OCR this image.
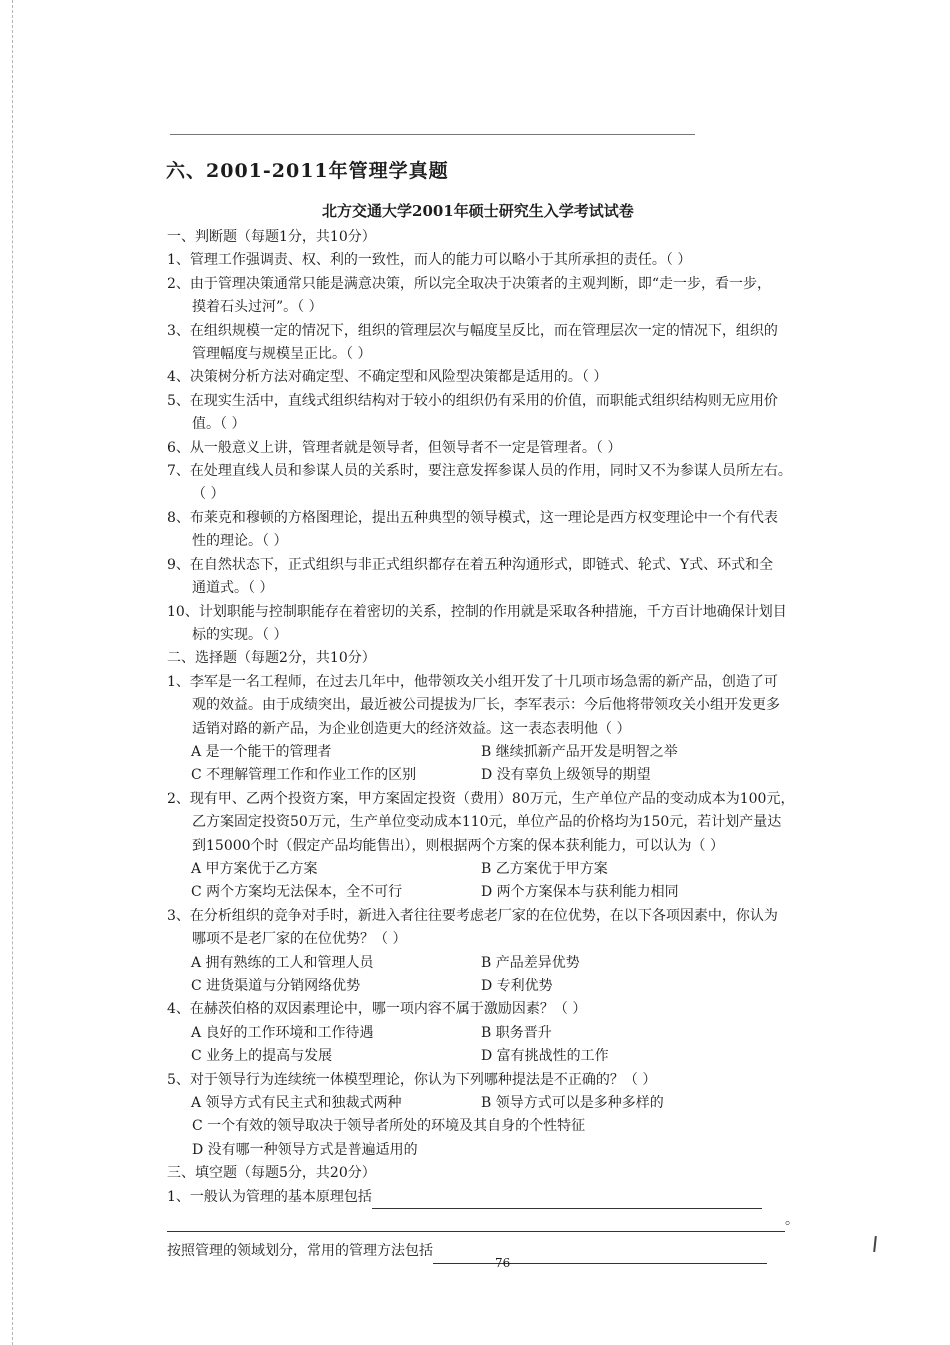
六、2001-2011年管理学真题
北方交通大学2001年硕士研究生入学考试试卷
一、判断题（每题1分，共10分）
1、管理工作强调责、权、利的一致性，而人的能力可以略小于其所承担的责任。（ ）
2、由于管理决策通常只能是满意决策，所以完全取决于决策者的主观判断，即“走一步，看一步，
摸着石头过河”。（ ）
3、在组织规模一定的情况下，组织的管理层次与幅度呈反比，而在管理层次一定的情况下，组织的
管理幅度与规模呈正比。（ ）
4、决策树分析方法对确定型、不确定型和风险型决策都是适用的。（ ）
5、在现实生活中，直线式组织结构对于较小的组织仍有采用的价值，而职能式组织结构则无应用价
值。（ ）
6、从一般意义上讲，管理者就是领导者，但领导者不一定是管理者。（ ）
7、在处理直线人员和参谋人员的关系时，要注意发挥参谋人员的作用，同时又不为参谋人员所左右。
（ ）
8、布莱克和穆顿的方格图理论，提出五种典型的领导模式，这一理论是西方权变理论中一个有代表
性的理论。（ ）
9、在自然状态下，正式组织与非正式组织都存在着五种沟通形式，即链式、轮式、Y式、环式和全
通道式。（ ）
10、计划职能与控制职能存在着密切的关系，控制的作用就是采取各种措施，千方百计地确保计划目
标的实现。（ ）
二、选择题（每题2分，共10分）
1、李军是一名工程师，在过去几年中，他带领攻关小组开发了十几项市场急需的新产品，创造了可
观的效益。由于成绩突出，最近被公司提拔为厂长，李军表示：今后他将带领攻关小组开发更多
适销对路的新产品，为企业创造更大的经济效益。这一表态表明他（ ）
A 是一个能干的管理者	B 继续抓新产品开发是明智之举
C 不理解管理工作和作业工作的区别	D 没有辜负上级领导的期望
2、现有甲、乙两个投资方案，甲方案固定投资（费用）80万元，生产单位产品的变动成本为100元，
乙方案固定投资50万元，生产单位变动成本110元，单位产品的价格均为150元，若计划产量达
到15000个时（假定产品均能售出），则根据两个方案的保本获利能力，可以认为（ ）
A 甲方案优于乙方案	B 乙方案优于甲方案
C 两个方案均无法保本，全不可行	D 两个方案保本与获利能力相同
3、在分析组织的竞争对手时，新进入者往往要考虑老厂家的在位优势，在以下各项因素中，你认为
哪项不是老厂家的在位优势？（ ）
A 拥有熟练的工人和管理人员	B 产品差异优势
C 进货渠道与分销网络优势	D 专利优势
4、在赫茨伯格的双因素理论中，哪一项内容不属于激励因素？（ ）
A 良好的工作环境和工作待遇	B 职务晋升
C 业务上的提高与发展	D 富有挑战性的工作
5、对于领导行为连续统一体模型理论，你认为下列哪种提法是不正确的？（ ）
A 领导方式有民主式和独裁式两种	B 领导方式可以是多种多样的
C 一个有效的领导取决于领导者所处的环境及其自身的个性特征
D 没有哪一种领导方式是普遍适用的
三、填空题（每题5分，共20分）
1、一般认为管理的基本原理包括
。
按照管理的领域划分，常用的管理方法包括
76
